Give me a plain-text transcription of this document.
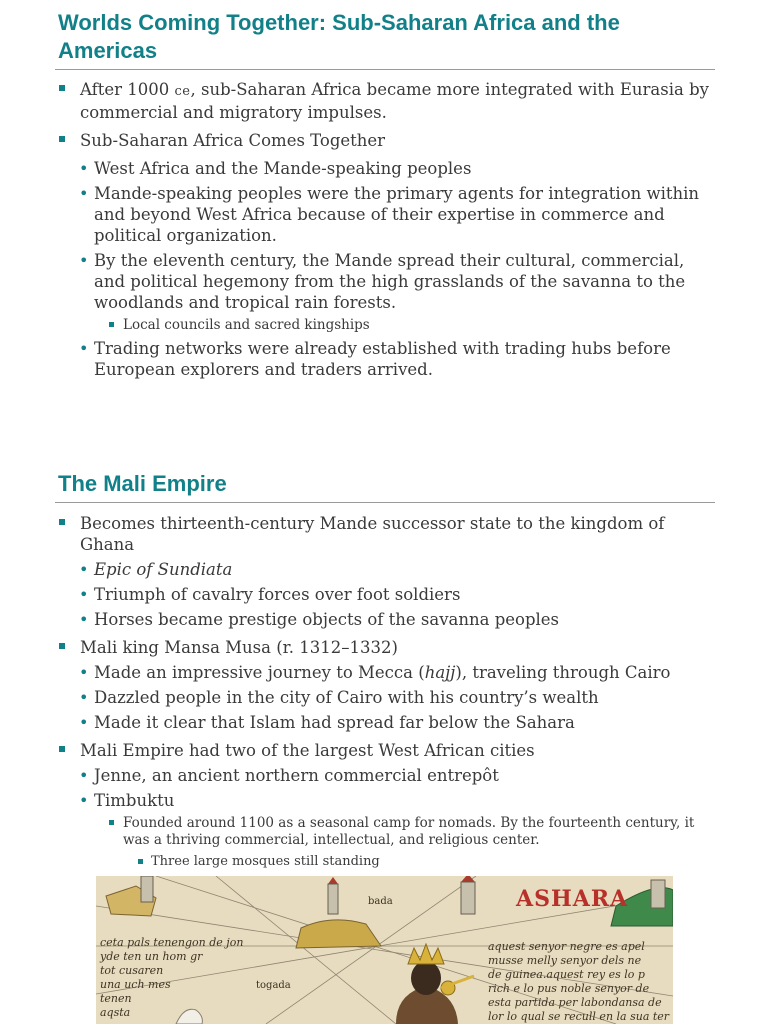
Worlds Coming Together: Sub-Saharan Africa and the Americas
After 1000 ce, sub-Saharan Africa became more integrated with Eurasia by commercial and migratory impulses.
Sub-Saharan Africa Comes Together
• West Africa and the Mande-speaking peoples
• Mande-speaking peoples were the primary agents for integration within and beyond West Africa because of their expertise in commerce and political organization.
• By the eleventh century, the Mande spread their cultural, commercial, and political hegemony from the high grasslands of the savanna to the woodlands and tropical rain forests.
Local councils and sacred kingships
• Trading networks were already established with trading hubs before European explorers and traders arrived.
The Mali Empire
Becomes thirteenth-century Mande successor state to the kingdom of Ghana
• Epic of Sundiata
• Triumph of cavalry forces over foot soldiers
• Horses became prestige objects of the savanna peoples
Mali king Mansa Musa (r. 1312–1332)
• Made an impressive journey to Mecca (hajj), traveling through Cairo
• Dazzled people in the city of Cairo with his country’s wealth
• Made it clear that Islam had spread far below the Sahara
Mali Empire had two of the largest West African cities
• Jenne, an ancient northern commercial entrepôt
• Timbuktu
Founded around 1100 as a seasonal camp for nomads. By the fourteenth century, it was a thriving commercial, intellectual, and religious center.
Three large mosques still standing
ASHARA
bada
togada
ceta pals tenengon de jon
yde ten un hom gr
tot cusaren
una uch mes
tenen
aqsta
aquest senyor negre es apel
musse melly senyor dels ne
de guinea.aquest rey es lo p
rich e lo pus noble senyor de
esta partida per labondansa de
lor lo qual se recull en la sua ter
